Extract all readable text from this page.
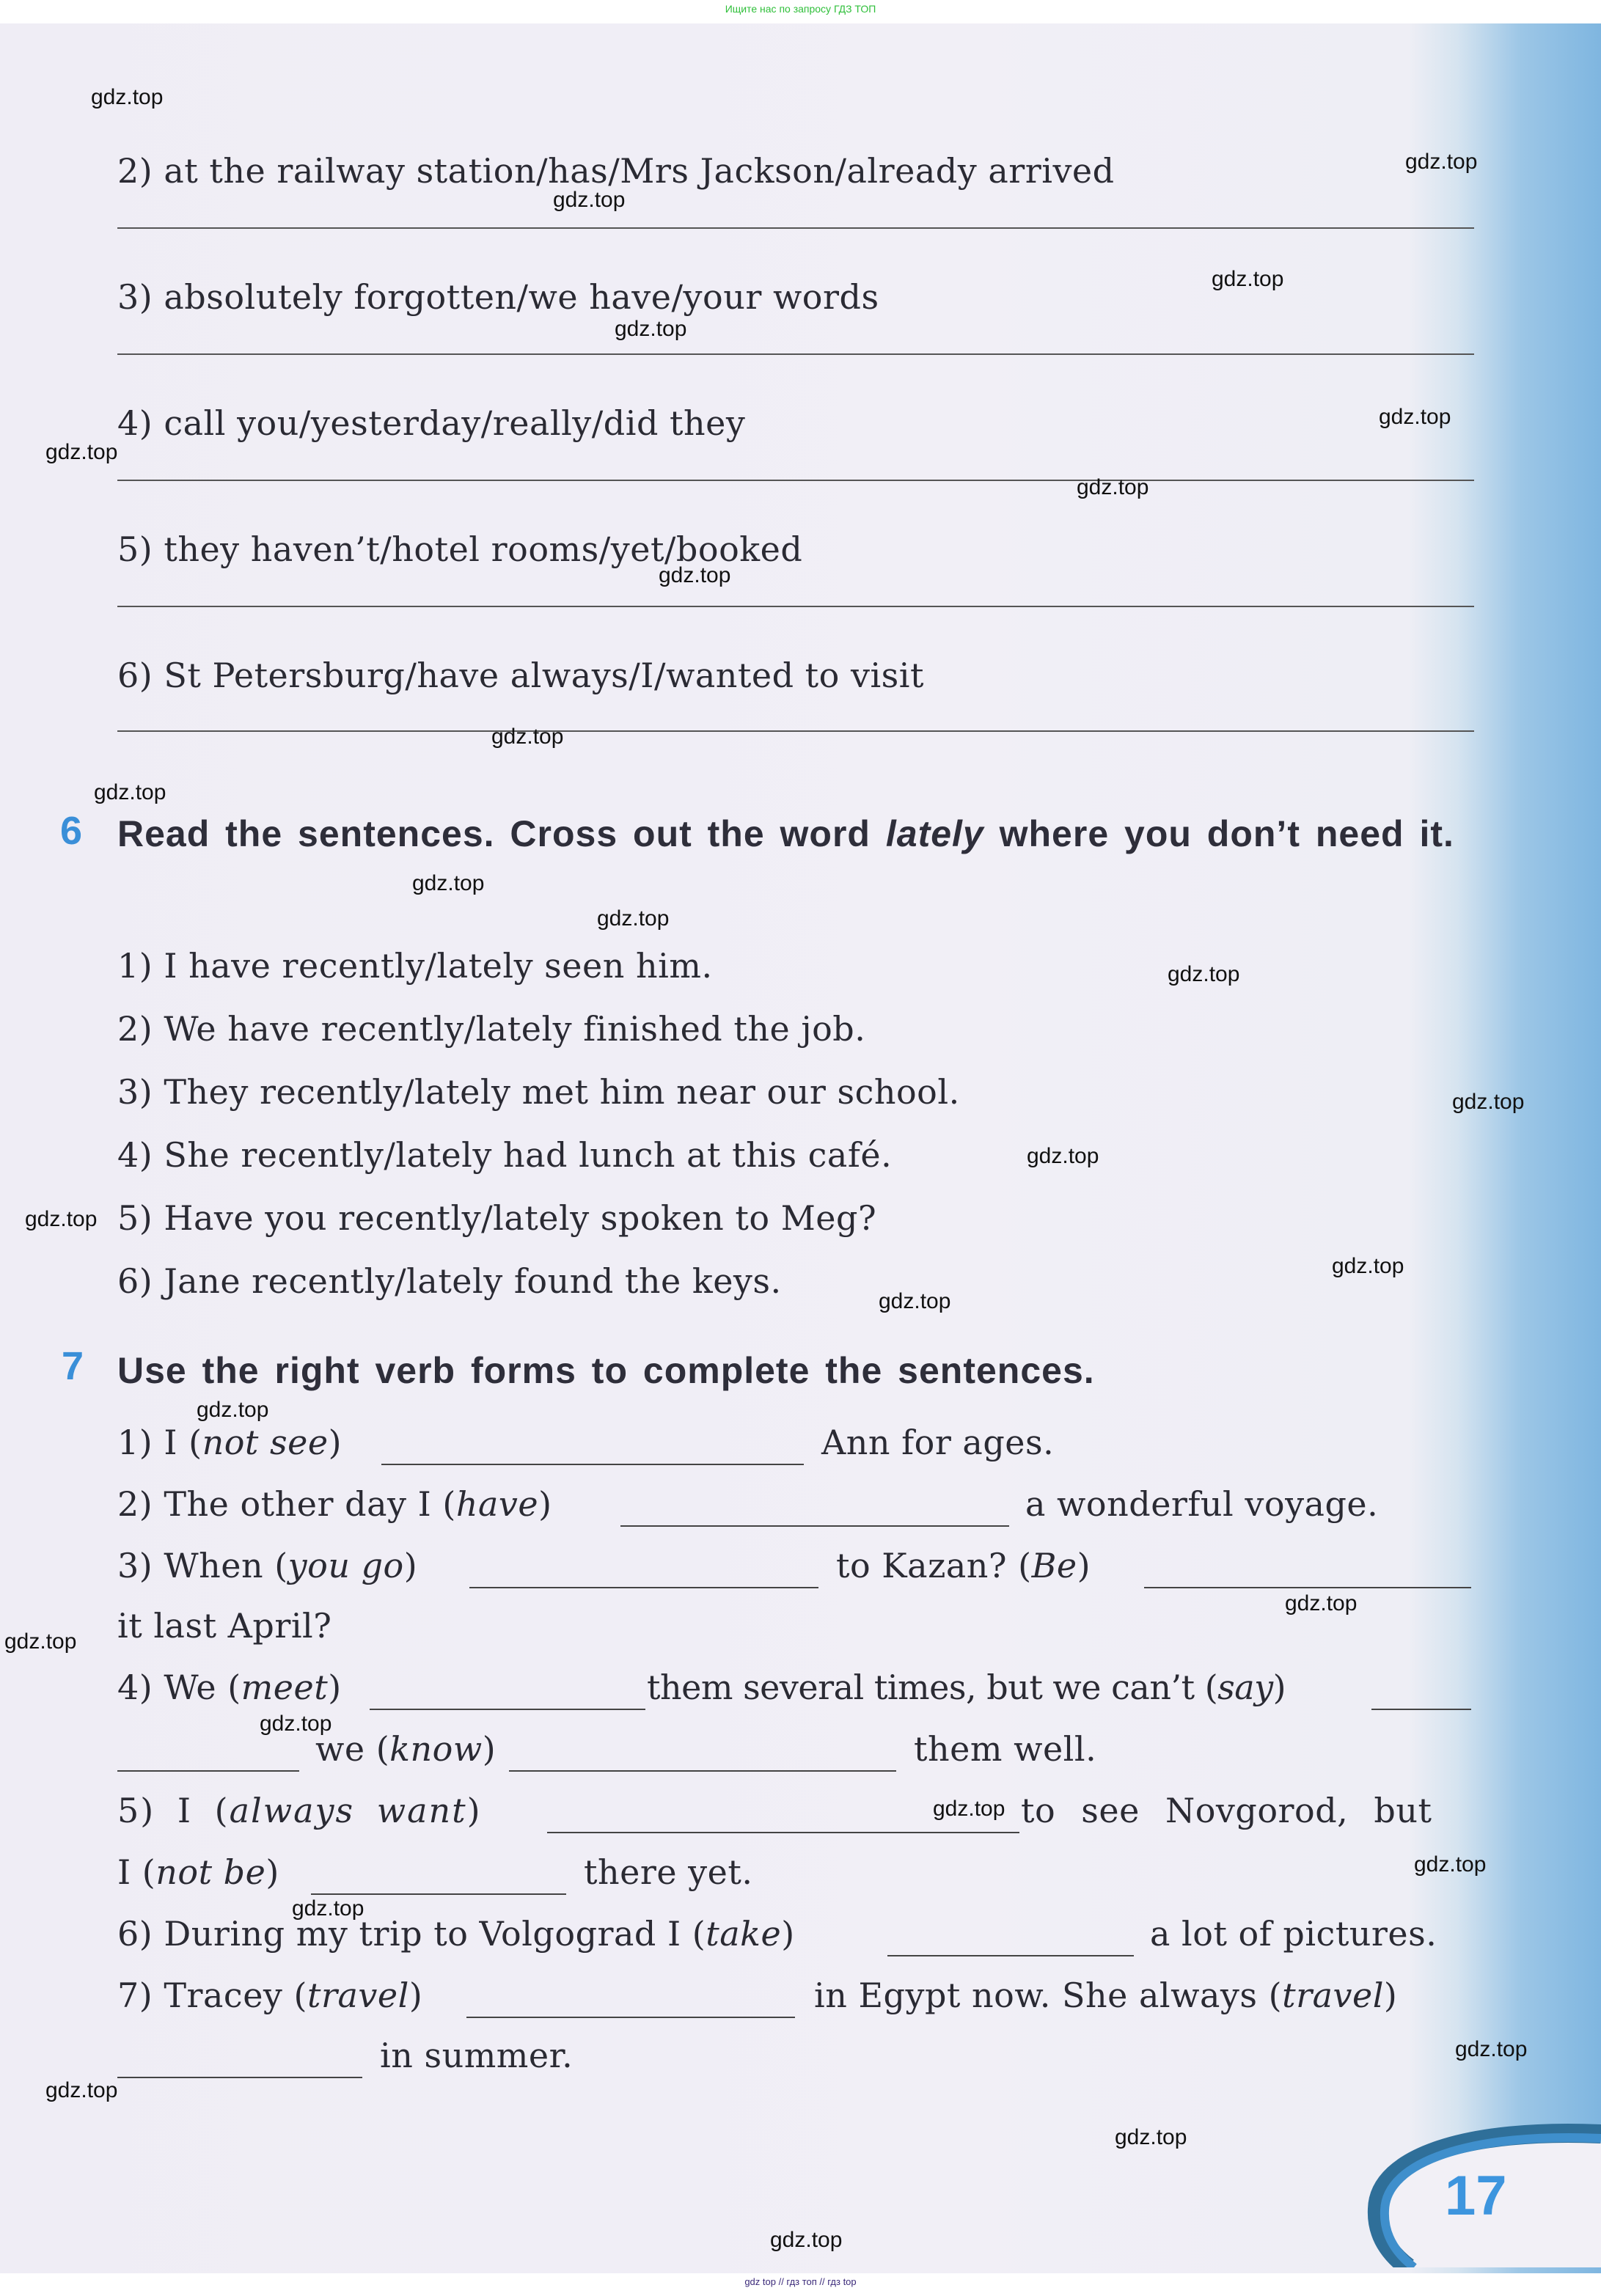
Ищите нас по запросу ГДЗ ТОП
2) at the railway station/has/Mrs Jackson/already arrived
3) absolutely forgotten/we have/your words
4) call you/yesterday/really/did they
5) they haven’t/hotel rooms/yet/booked
6) St Petersburg/have always/I/wanted to visit
6 Read the sentences. Cross out the word lately where you don’t need it.
1) I have recently/lately seen him.
2) We have recently/lately finished the job.
3) They recently/lately met him near our school.
4) She recently/lately had lunch at this café.
5) Have you recently/lately spoken to Meg?
6) Jane recently/lately found the keys.
7 Use the right verb forms to complete the sentences.
1) I (not see)	Ann for ages.
2) The other day I (have)	a wonderful voyage.
3) When (you go)	to Kazan? (Be)
it last April?
4) We (meet)	them several times, but we can’t (say)
we (know)	them well.
5) I (always want)	to see Novgorod, but
I (not be)	there yet.
6) During my trip to Volgograd I (take)	a lot of pictures.
7) Tracey (travel)	in Egypt now. She always (travel)
in summer.
17
gdz.top
gdz.top
gdz.top
gdz.top
gdz.top
gdz.top
gdz.top
gdz.top
gdz.top
gdz.top
gdz.top
gdz.top
gdz.top
gdz.top
gdz.top
gdz.top
gdz.top
gdz.top
gdz.top
gdz.top
gdz.top
gdz.top
gdz.top
gdz.top
gdz.top
gdz.top
gdz.top
gdz.top
gdz.top
gdz.top
gdz top // гдз топ // гдз top
